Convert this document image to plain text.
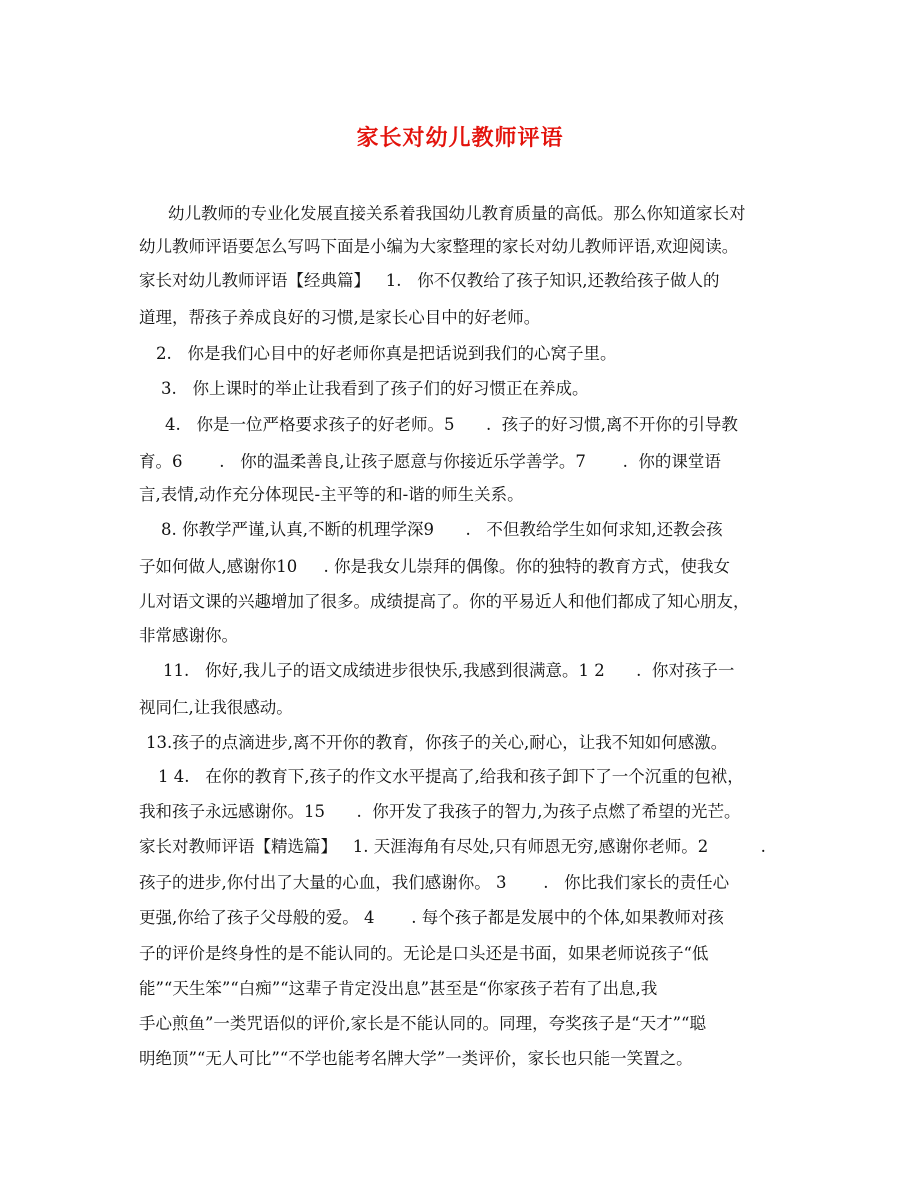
家长对幼儿教师评语
幼儿教师的专业化发展直接关系着我国幼儿教育质量的高低。那么你知道家长对
幼儿教师评语要怎么写吗下面是小编为大家整理的家长对幼儿教师评语,欢迎阅读。
家长对幼儿教师评语【经典篇】   1.   你不仅教给了孩子知识,还教给孩子做人的
道理，帮孩子养成良好的习惯,是家长心目中的好老师。
2.   你是我们心目中的好老师你真是把话说到我们的心窝子里。
3.   你上课时的举止让我看到了孩子们的好习惯正在养成。
4.   你是一位严格要求孩子的好老师。5      .  孩子的好习惯,离不开你的引导教
育。6       .   你的温柔善良,让孩子愿意与你接近乐学善学。7       .  你的课堂语
言,表情,动作充分体现民-主平等的和-谐的师生关系。
8. 你教学严谨,认真,不断的机理学深9      .   不但教给学生如何求知,还教会孩
子如何做人,感谢你10     . 你是我女儿崇拜的偶像。你的独特的教育方式，使我女
儿对语文课的兴趣增加了很多。成绩提高了。你的平易近人和他们都成了知心朋友，
非常感谢你。
11.   你好,我儿子的语文成绩进步很快乐,我感到很满意。1 2      .  你对孩子一
视同仁,让我很感动。
13.孩子的点滴进步,离不开你的教育，你孩子的关心,耐心，让我不知如何感激。
1 4.   在你的教育下,孩子的作文水平提高了,给我和孩子卸下了一个沉重的包袱，
我和孩子永远感谢你。15      .  你开发了我孩子的智力,为孩子点燃了希望的光芒。
家长对教师评语【精选篇】   1. 天涯海角有尽处,只有师恩无穷,感谢你老师。2          .
孩子的进步,你付出了大量的心血，我们感谢你。 3       .   你比我们家长的责任心
更强,你给了孩子父母般的爱。 4       . 每个孩子都是发展中的个体,如果教师对孩
子的评价是终身性的是不能认同的。无论是口头还是书面，如果老师说孩子“低
能”“天生笨”“白痴”“这辈子肯定没出息”甚至是“你家孩子若有了出息,我
手心煎鱼”一类咒语似的评价,家长是不能认同的。同理，夸奖孩子是“天才”“聪
明绝顶”“无人可比”“不学也能考名牌大学”一类评价，家长也只能一笑置之。
